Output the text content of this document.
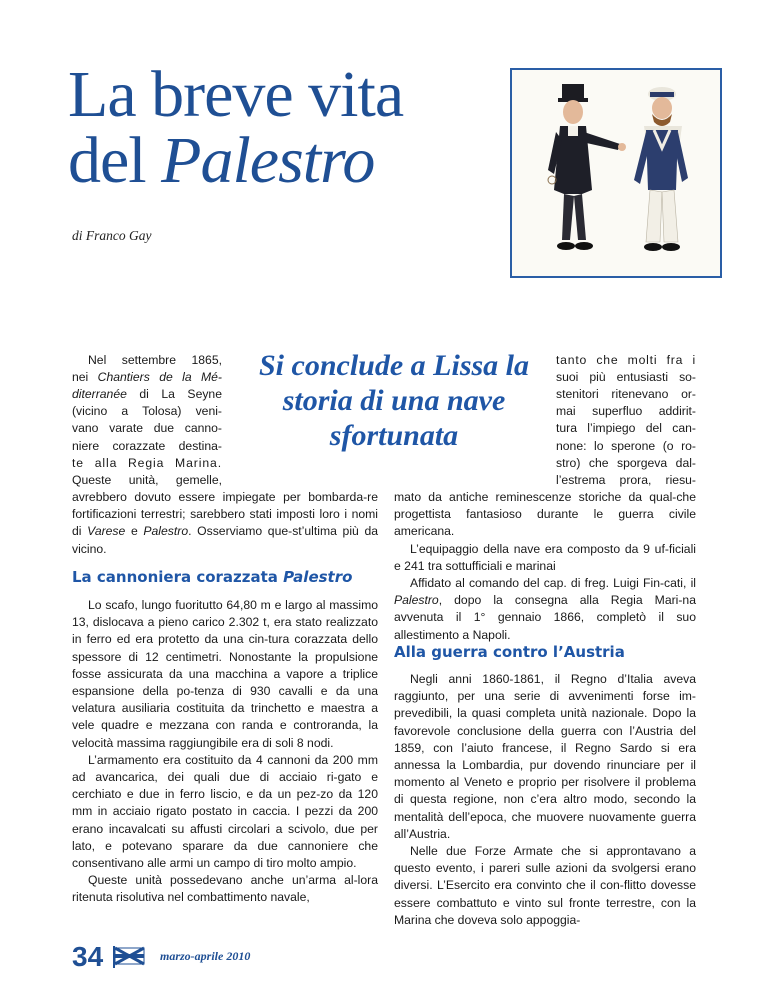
La breve vita
del Palestro
di Franco Gay
Si conclude a Lissa la storia di una nave sfortunata
Nel settembre 1865,
nei Chantiers de la Mé-
diterranée di La Seyne
(vicino a Tolosa) veni-
vano varate due canno-
niere corazzate destina-
te alla Regia Marina.
Queste unità, gemelle,

avrebbero dovuto essere impiegate per bombarda-re fortificazioni terrestri; sarebbero stati imposti loro i nomi di Varese e Palestro. Osserviamo que-st’ultima più da vicino.

La cannoniera corazzata Palestro

Lo scafo, lungo fuoritutto 64,80 m e largo al massimo 13, dislocava a pieno carico 2.302 t, era stato realizzato in ferro ed era protetto da una cin-tura corazzata dello spessore di 12 centimetri. Nonostante la propulsione fosse assicurata da una macchina a vapore a triplice espansione della po-tenza di 930 cavalli e da una velatura ausiliaria costituita da trinchetto e maestra a vele quadre e mezzana con randa e controranda, la velocità massima raggiungibile era di soli 8 nodi.

L’armamento era costituito da 4 cannoni da 200 mm ad avancarica, dei quali due di acciaio ri-gato e cerchiato e due in ferro liscio, e da un pez-zo da 120 mm in acciaio rigato postato in caccia. I pezzi da 200 erano incavalcati su affusti circolari a scivolo, due per lato, e potevano sparare da due cannoniere che consentivano alle armi un campo di tiro molto ampio.

Queste unità possedevano anche un’arma al-lora ritenuta risolutiva nel combattimento navale,

tanto che molti fra i
suoi più entusiasti so-
stenitori ritenevano or-
mai superfluo addirit-
tura l’impiego del can-
none: lo sperone (o ro-
stro) che sporgeva dal-
l’estrema prora, riesu-

mato da antiche reminescenze storiche da qual-che progettista fantasioso durante le guerra civile americana.

L’equipaggio della nave era composto da 9 uf-ficiali e 241 tra sottufficiali e marinai

Affidato al comando del cap. di freg. Luigi Fin-cati, il Palestro, dopo la consegna alla Regia Mari-na avvenuta il 1° gennaio 1866, completò il suo allestimento a Napoli.

Alla guerra contro l’Austria

Negli anni 1860-1861, il Regno d’Italia aveva raggiunto, per una serie di avvenimenti forse im-prevedibili, la quasi completa unità nazionale. Dopo la favorevole conclusione della guerra con l’Austria del 1859, con l’aiuto francese, il Regno Sardo si era annessa la Lombardia, pur dovendo rinunciare per il momento al Veneto e proprio per risolvere il problema di questa regione, non c’era altro modo, secondo la mentalità dell’epoca, che muovere nuovamente guerra all’Austria.

Nelle due Forze Armate che si approntavano a questo evento, i pareri sulle azioni da svolgersi erano diversi. L’Esercito era convinto che il con-flitto dovesse essere combattuto e vinto sul fronte terrestre, con la Marina che doveva solo appoggia-

34	marzo-aprile 2010
